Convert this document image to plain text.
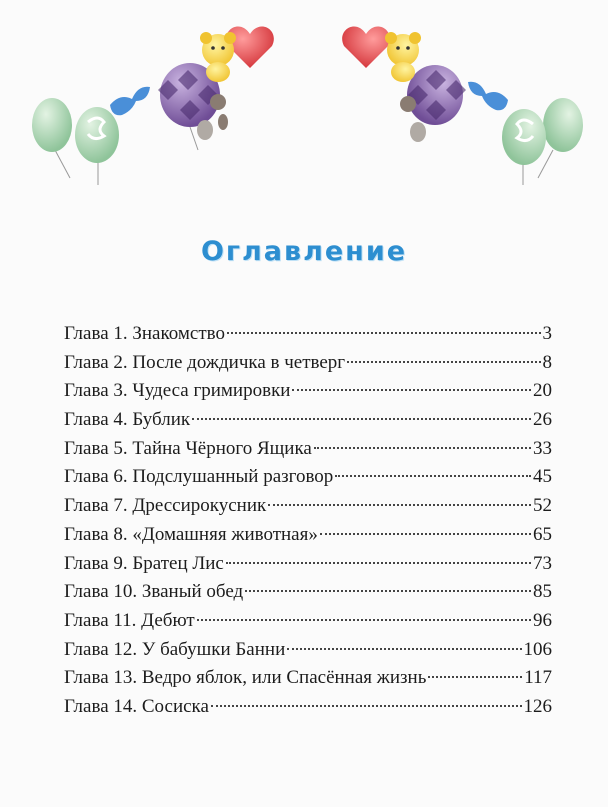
Оглавление
Глава 1. Знакомство	3
Глава 2. После дождичка в четверг	8
Глава 3. Чудеса гримировки	20
Глава 4. Бублик	26
Глава 5. Тайна Чёрного Ящика	33
Глава 6. Подслушанный разговор	45
Глава 7. Дрессирокусник	52
Глава 8. «Домашняя животная»	65
Глава 9. Братец Лис	73
Глава 10. Званый обед	85
Глава 11. Дебют	96
Глава 12. У бабушки Банни	106
Глава 13. Ведро яблок, или Спасённая жизнь	117
Глава 14. Сосиска	126
